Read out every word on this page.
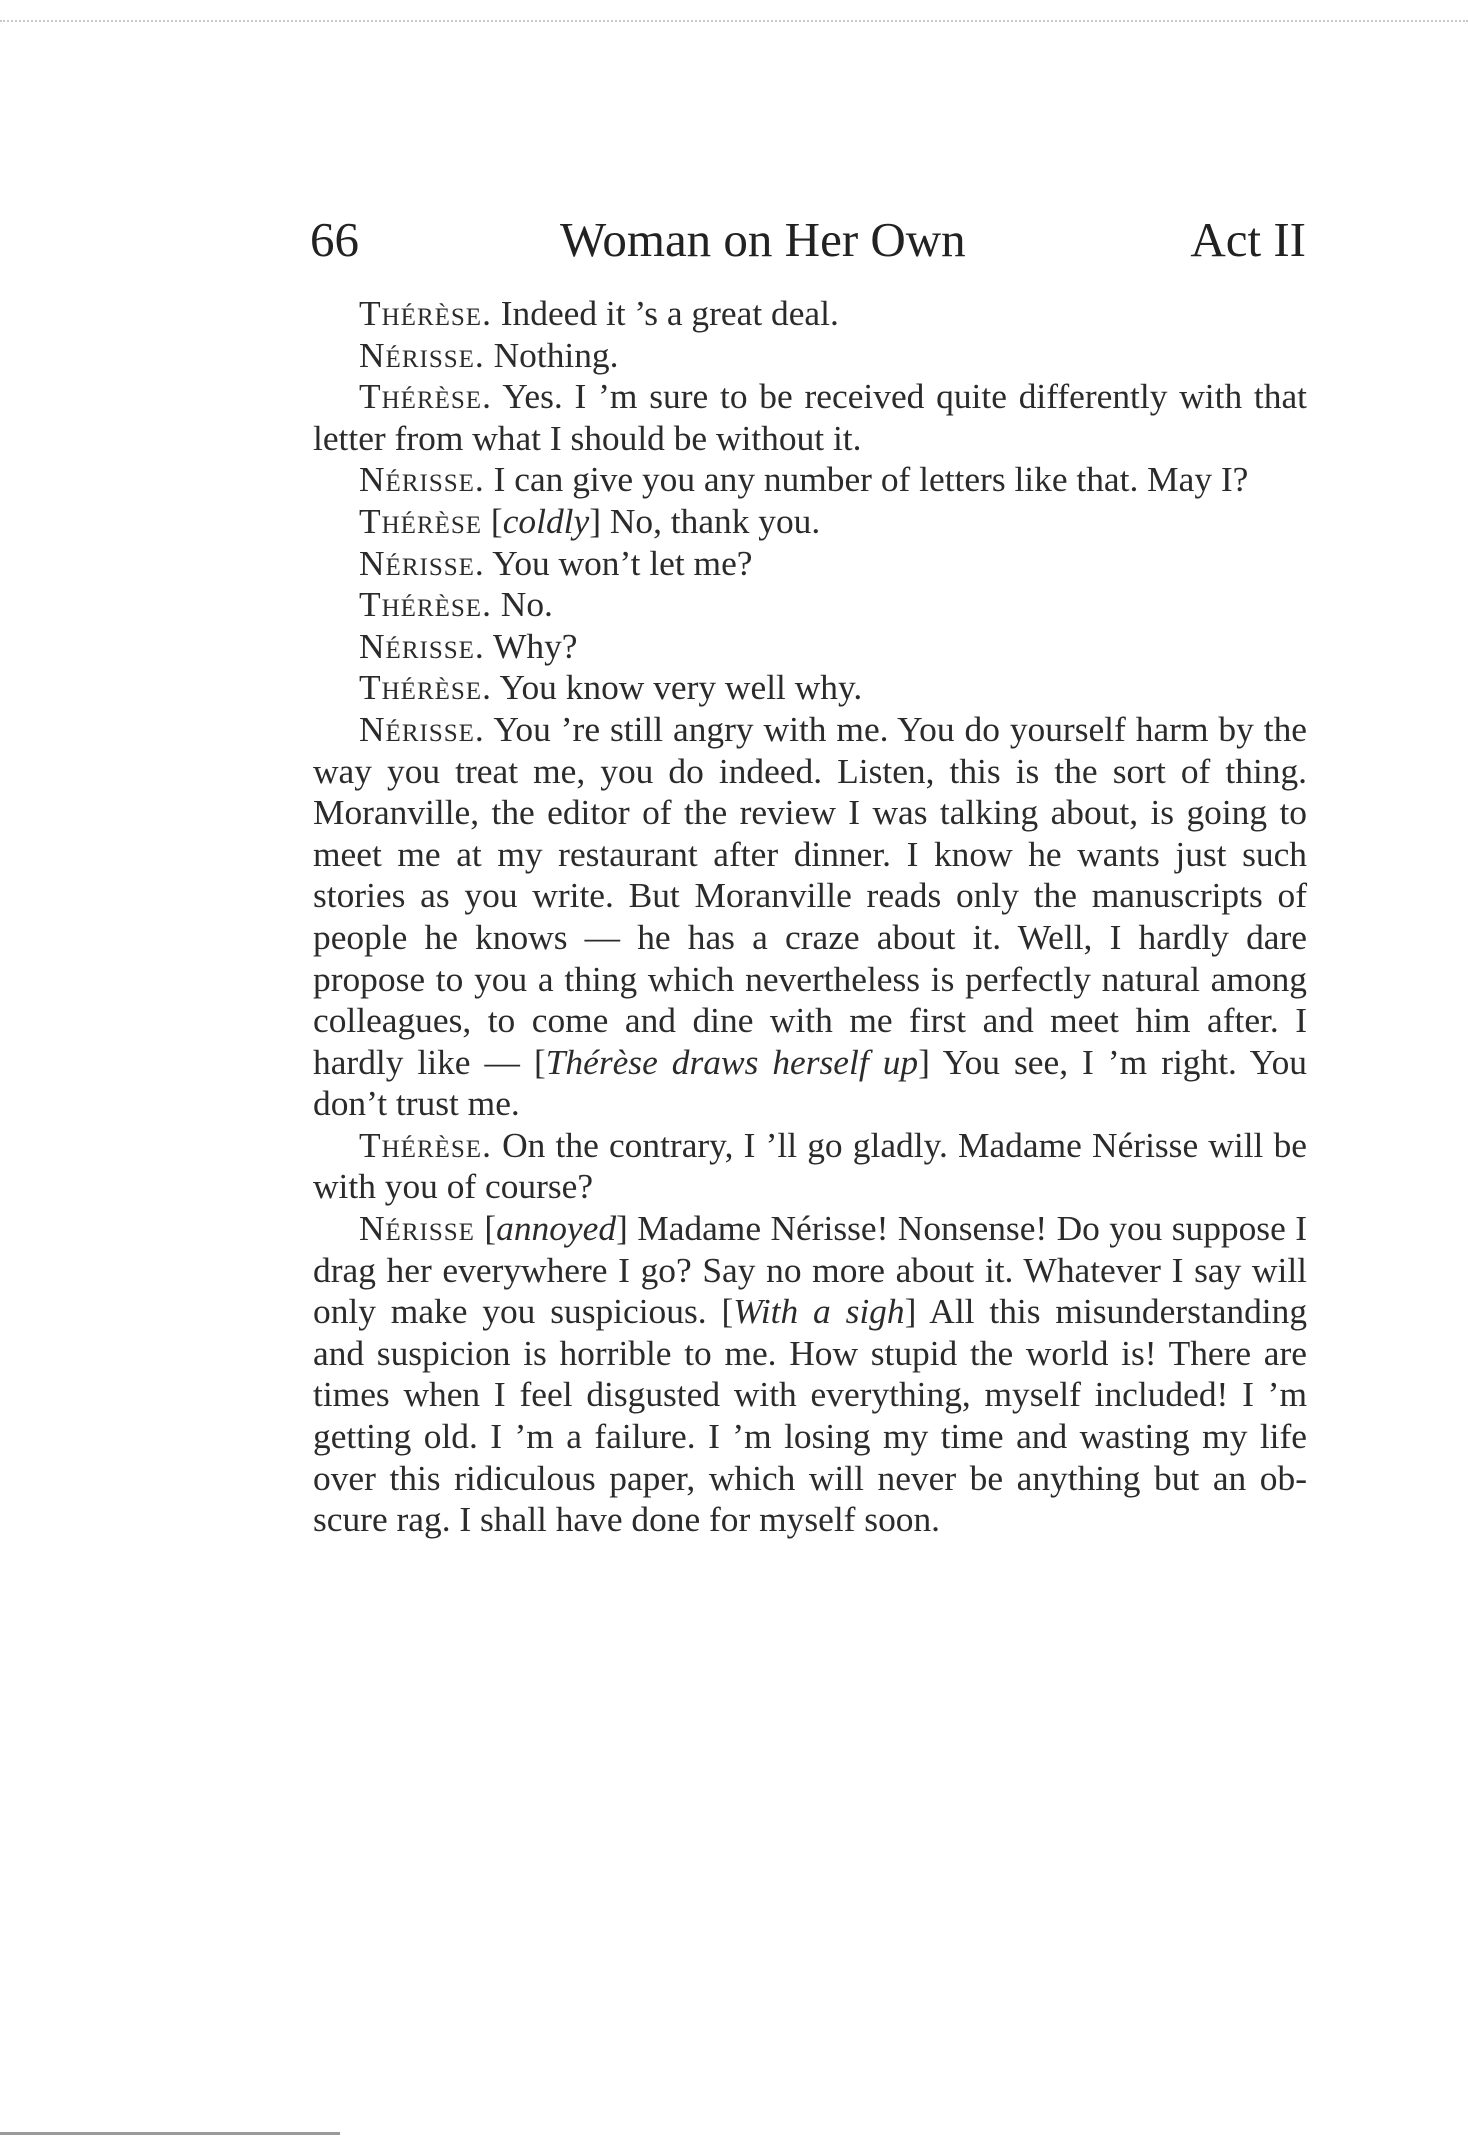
66	Woman on Her Own	Act II

Thérèse. Indeed it ’s a great deal.

Nérisse. Nothing.

Thérèse. Yes. I ’m sure to be received quite differently with that letter from what I should be without it.

Nérisse. I can give you any number of letters like that. May I?

Thérèse [coldly] No, thank you.

Nérisse. You won’t let me?

Thérèse. No.

Nérisse. Why?

Thérèse. You know very well why.

Nérisse. You ’re still angry with me. You do yourself harm by the way you treat me, you do indeed. Listen, this is the sort of thing. Moranville, the editor of the review I was talking about, is going to meet me at my restaurant after dinner. I know he wants just such stories as you write. But Moranville reads only the manuscripts of people he knows — he has a craze about it. Well, I hardly dare propose to you a thing which nevertheless is perfectly natural among colleagues, to come and dine with me first and meet him after. I hardly like — [Thérèse draws herself up] You see, I ’m right. You don’t trust me.

Thérèse. On the contrary, I ’ll go gladly. Madame Nérisse will be with you of course?

Nérisse [annoyed] Madame Nérisse! Nonsense! Do you suppose I drag her everywhere I go? Say no more about it. Whatever I say will only make you suspicious. [With a sigh] All this misunderstanding and suspicion is horrible to me. How stupid the world is! There are times when I feel disgusted with everything, myself included! I ’m getting old. I ’m a failure. I ’m losing my time and wasting my life over this ridiculous paper, which will never be anything but an obscure rag. I shall have done for myself soon.
